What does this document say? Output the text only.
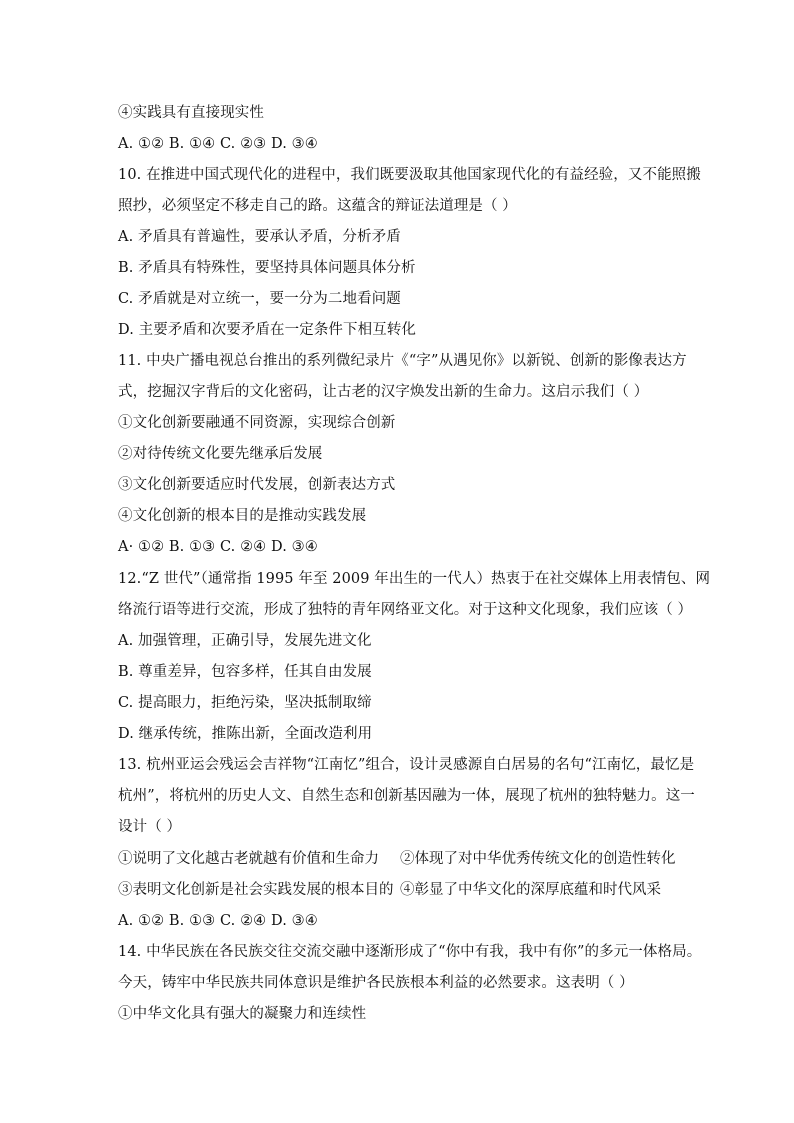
④实践具有直接现实性
A. ①② B. ①④ C. ②③ D. ③④
10. 在推进中国式现代化的进程中，我们既要汲取其他国家现代化的有益经验，又不能照搬
照抄，必须坚定不移走自己的路。这蕴含的辩证法道理是（ ）
A. 矛盾具有普遍性，要承认矛盾，分析矛盾
B. 矛盾具有特殊性，要坚持具体问题具体分析
C. 矛盾就是对立统一，要一分为二地看问题
D. 主要矛盾和次要矛盾在一定条件下相互转化
11. 中央广播电视总台推出的系列微纪录片《“字”从遇见你》以新锐、创新的影像表达方
式，挖掘汉字背后的文化密码，让古老的汉字焕发出新的生命力。这启示我们（ ）
①文化创新要融通不同资源，实现综合创新
②对待传统文化要先继承后发展
③文化创新要适应时代发展，创新表达方式
④文化创新的根本目的是推动实践发展
A· ①② B. ①③ C. ②④ D. ③④
12.“Z 世代”（通常指 1995 年至 2009 年出生的一代人）热衷于在社交媒体上用表情包、网
络流行语等进行交流，形成了独特的青年网络亚文化。对于这种文化现象，我们应该（ ）
A. 加强管理，正确引导，发展先进文化
B. 尊重差异，包容多样，任其自由发展
C. 提高眼力，拒绝污染，坚决抵制取缔
D. 继承传统，推陈出新，全面改造利用
13. 杭州亚运会残运会吉祥物“江南忆”组合，设计灵感源自白居易的名句“江南忆，最忆是
杭州”，将杭州的历史人文、自然生态和创新基因融为一体，展现了杭州的独特魅力。这一
设计（ ）
①说明了文化越古老就越有价值和生命力 ②体现了对中华优秀传统文化的创造性转化
③表明文化创新是社会实践发展的根本目的 ④彰显了中华文化的深厚底蕴和时代风采
A. ①② B. ①③ C. ②④ D. ③④
14. 中华民族在各民族交往交流交融中逐渐形成了“你中有我，我中有你”的多元一体格局。
今天，铸牢中华民族共同体意识是维护各民族根本利益的必然要求。这表明（ ）
①中华文化具有强大的凝聚力和连续性
